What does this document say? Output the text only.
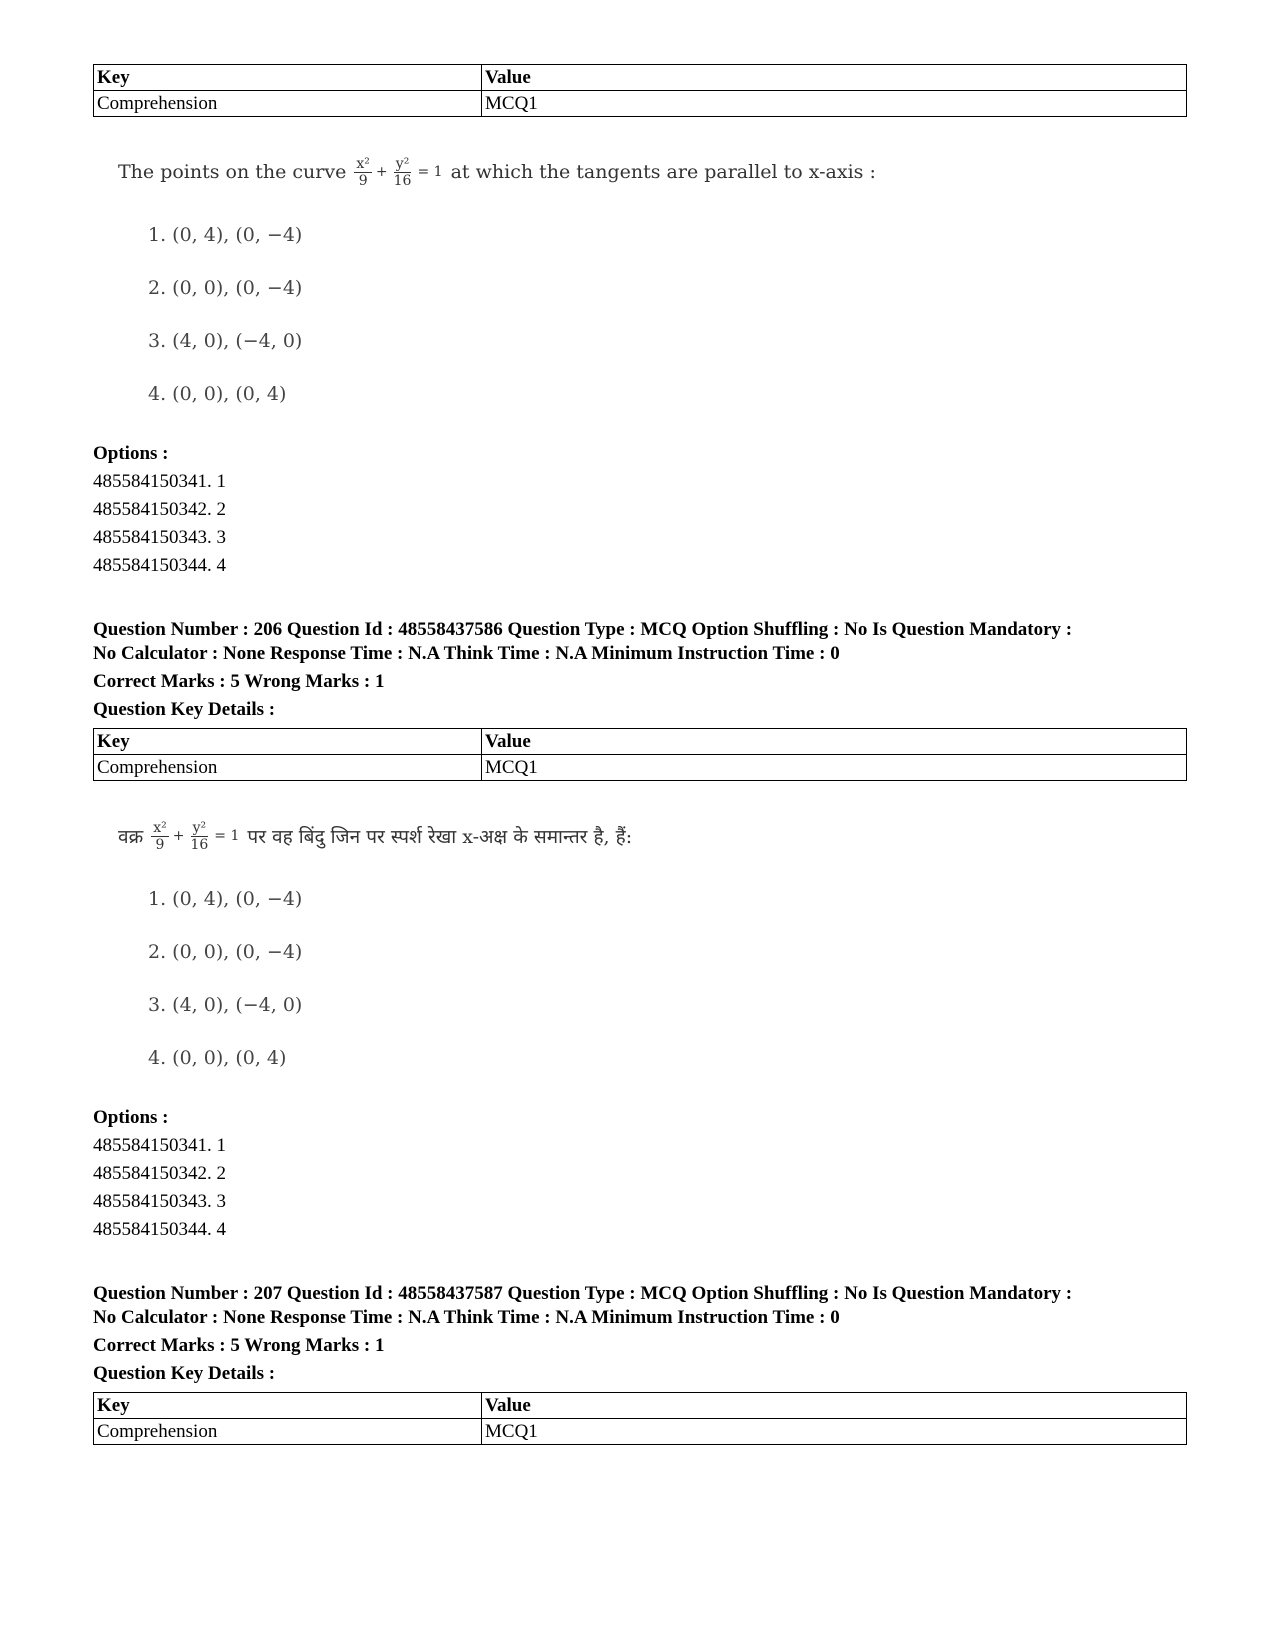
Key	Value
Comprehension	MCQ1
The points on the curve
$\frac{\text{x²}}{9} + \frac{\text{y²}}{16} = 1$
at which the tangents are parallel to x-axis :
1. (0, 4), (0, −4)
2. (0, 0), (0, −4)
3. (4, 0), (−4, 0)
4. (0, 0), (0, 4)
Options :
485584150341. 1
485584150342. 2
485584150343. 3
485584150344. 4
Question Number : 206 Question Id : 48558437586 Question Type : MCQ Option Shuffling : No Is Question Mandatory :
No Calculator : None Response Time : N.A Think Time : N.A Minimum Instruction Time : 0
Correct Marks : 5 Wrong Marks : 1
Question Key Details :
Key	Value
Comprehension	MCQ1
वक्र
$\frac{\text{x²}}{9} + \frac{\text{y²}}{16} = 1$
पर वह बिंदु जिन पर स्पर्श रेखा x-अक्ष के समान्तर है, हैं:
1. (0, 4), (0, −4)
2. (0, 0), (0, −4)
3. (4, 0), (−4, 0)
4. (0, 0), (0, 4)
Options :
485584150341. 1
485584150342. 2
485584150343. 3
485584150344. 4
Question Number : 207 Question Id : 48558437587 Question Type : MCQ Option Shuffling : No Is Question Mandatory :
No Calculator : None Response Time : N.A Think Time : N.A Minimum Instruction Time : 0
Correct Marks : 5 Wrong Marks : 1
Question Key Details :
Key	Value
Comprehension	MCQ1
